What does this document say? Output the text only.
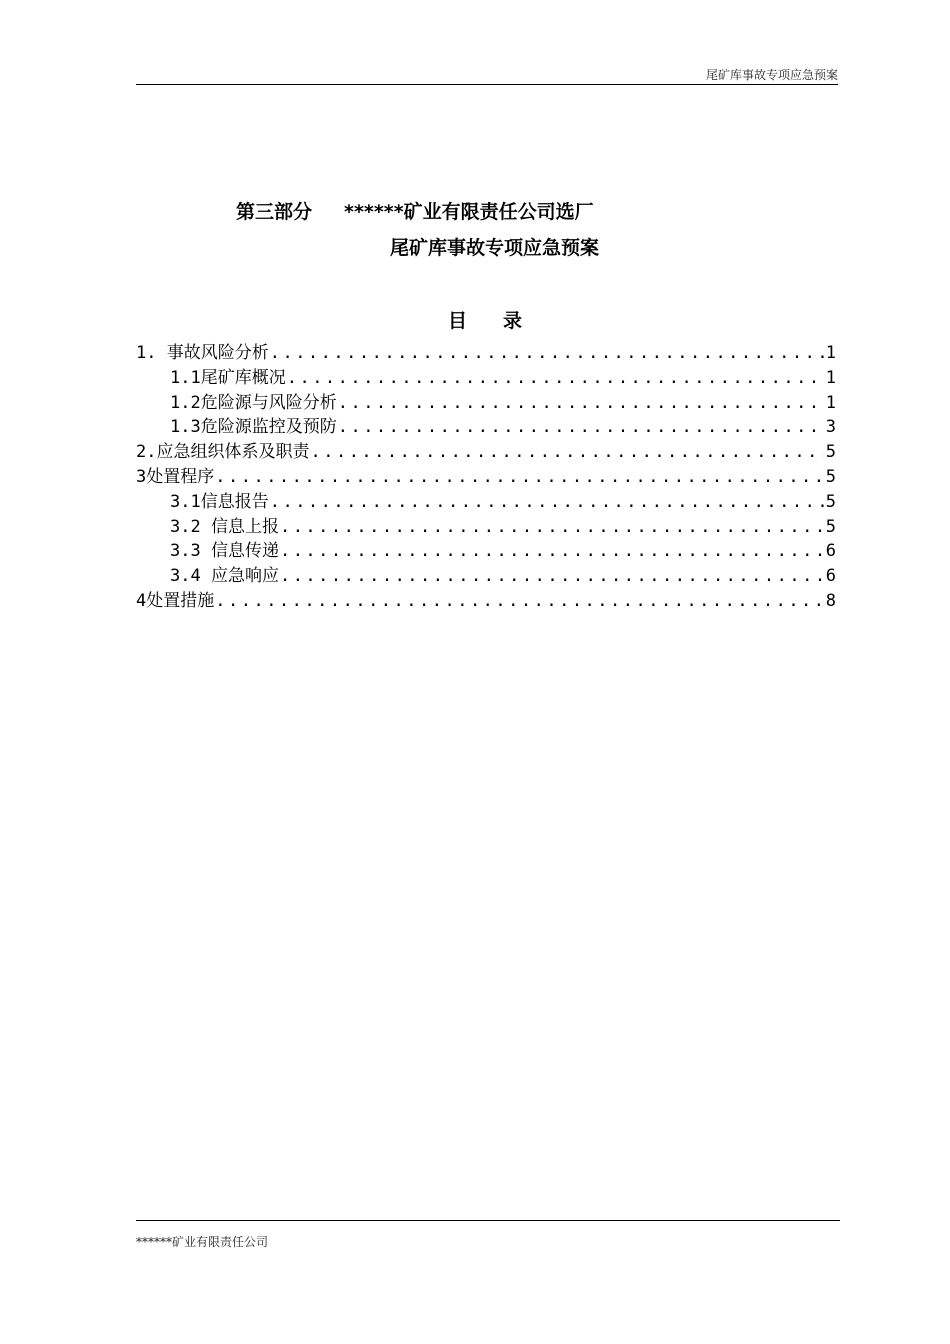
尾矿库事故专项应急预案
第三部分 ******矿业有限责任公司选厂
尾矿库事故专项应急预案
目 录
1. 事故风险分析 .....	1
1.1尾矿库概况 .....	1
1.2危险源与风险分析 .....	1
1.3危险源监控及预防 .....	3
2.应急组织体系及职责 .....	5
3处置程序 .....	5
3.1信息报告 .....	5
3.2 信息上报 .....	5
3.3 信息传递 .....	6
3.4 应急响应 .....	6
4处置措施 .....	8
******矿业有限责任公司
